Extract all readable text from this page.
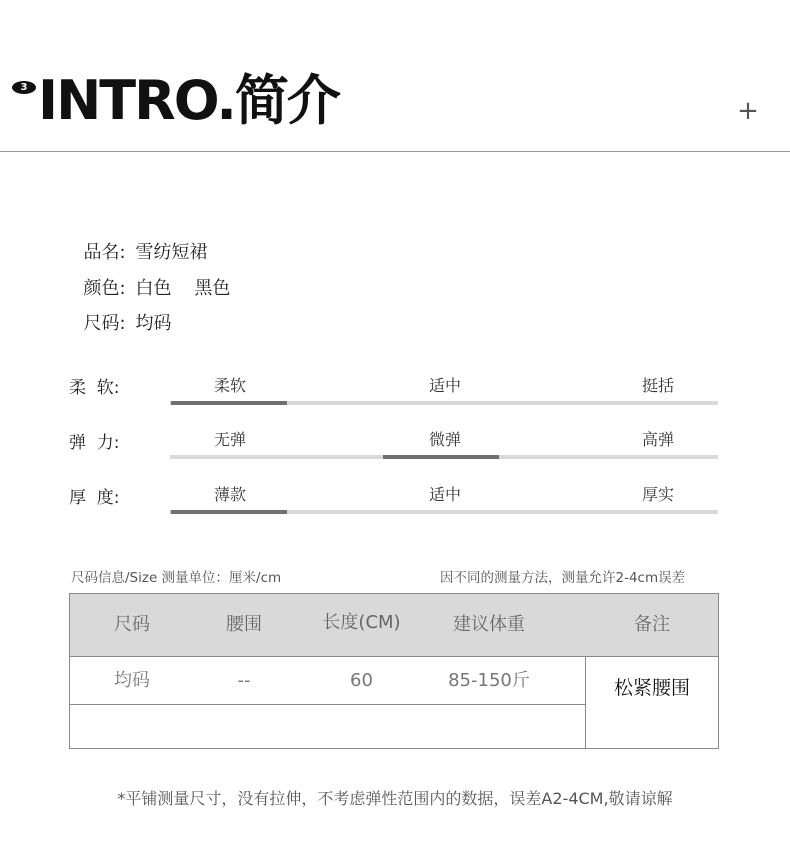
3 INTRO.简介	+

品名: 雪纺短裙

颜色: 白色    黑色

尺码: 均码

柔  软:	柔软	适中	挺括
弹  力:	无弹	微弹	高弹
厚  度:	薄款	适中	厚实
尺码信息/Size 测量单位：厘米/cm	因不同的测量方法，测量允许2-4cm误差
尺码	腰围	长度(CM)	建议体重	备注
均码	--	60	85-150斤	松紧腰围
*平铺测量尺寸，没有拉伸，不考虑弹性范围内的数据，误差A2-4CM,敬请谅解
